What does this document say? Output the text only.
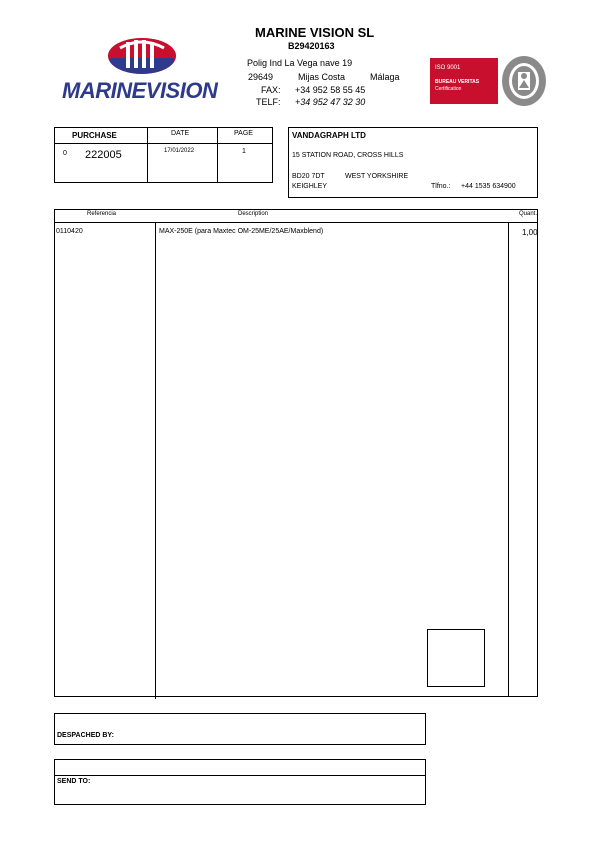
MARINEVISION
MARINE VISION SL
B29420163
Polig Ind La Vega nave 19
29649	Mijas Costa	Málaga
FAX: +34 952 58 55 45
TELF: +34 952 47 32 30
ISO 9001
BUREAU VERITAS
Certification
PURCHASE	DATE	PAGE
0 222005	17/01/2022	1
VANDAGRAPH LTD
15 STATION ROAD, CROSS HILLS
BD20 7DT	WEST YORKSHIRE
KEIGHLEY	Tlfno.: +44 1535 634900
Referencia	Description	Quant.
0110420	MAX-250E (para Maxtec OM-25ME/25AE/Maxblend)	1,00
DESPACHED BY:
SEND TO:
